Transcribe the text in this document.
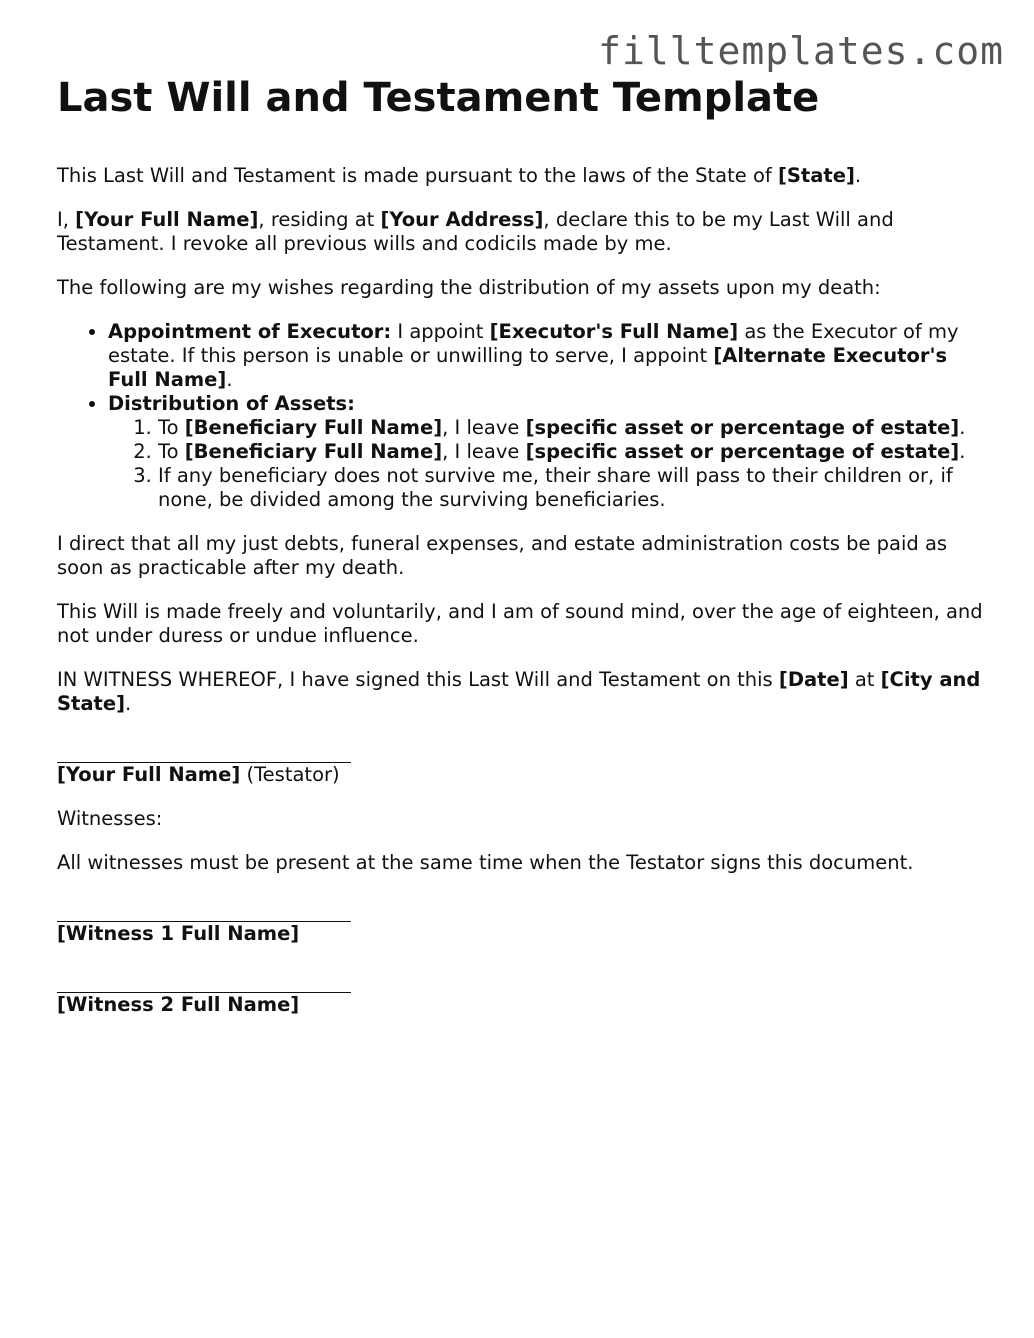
filltemplates.com
Last Will and Testament Template

This Last Will and Testament is made pursuant to the laws of the State of [State].

I, [Your Full Name], residing at [Your Address], declare this to be my Last Will and Testament. I revoke all previous wills and codicils made by me.

The following are my wishes regarding the distribution of my assets upon my death:

• Appointment of Executor: I appoint [Executor's Full Name] as the Executor of my estate. If this person is unable or unwilling to serve, I appoint [Alternate Executor's Full Name].
• Distribution of Assets:
1. To [Beneficiary Full Name], I leave [specific asset or percentage of estate].
2. To [Beneficiary Full Name], I leave [specific asset or percentage of estate].
3. If any beneficiary does not survive me, their share will pass to their children or, if none, be divided among the surviving beneficiaries.

I direct that all my just debts, funeral expenses, and estate administration costs be paid as soon as practicable after my death.

This Will is made freely and voluntarily, and I am of sound mind, over the age of eighteen, and not under duress or undue influence.

IN WITNESS WHEREOF, I have signed this Last Will and Testament on this [Date] at [City and State].

[Your Full Name] (Testator)

Witnesses:

All witnesses must be present at the same time when the Testator signs this document.

[Witness 1 Full Name]
[Witness 2 Full Name]
